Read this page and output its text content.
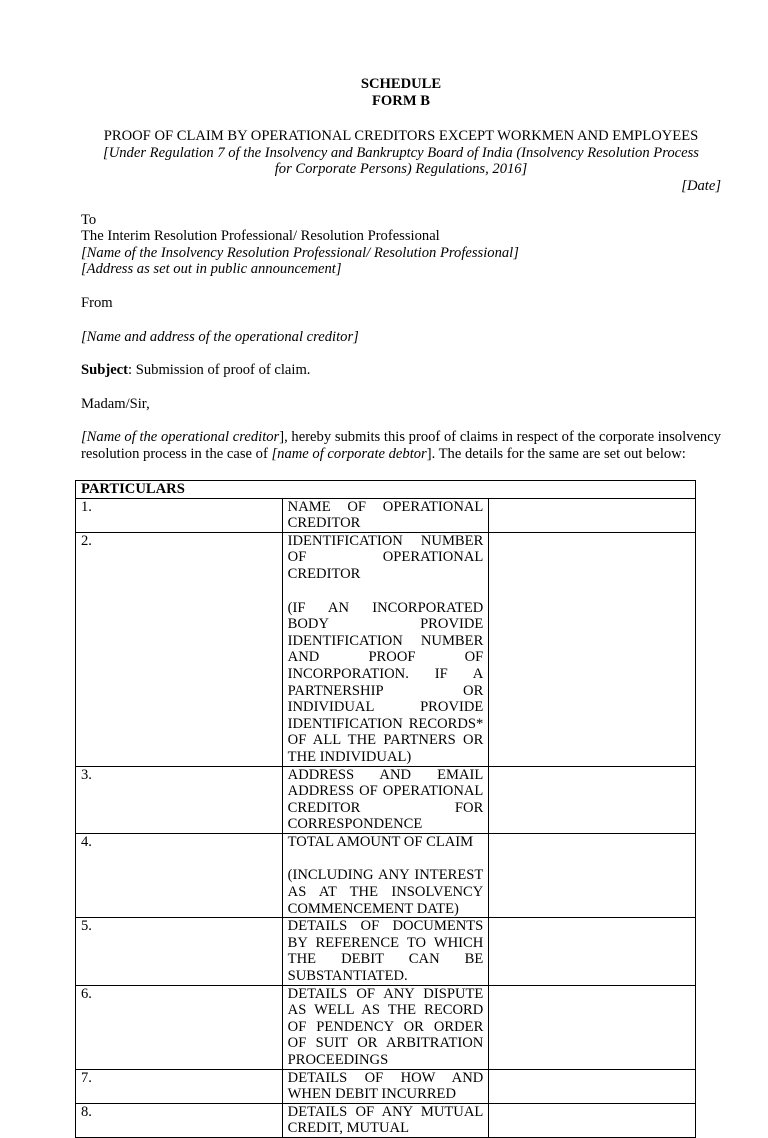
SCHEDULE

FORM B

PROOF OF CLAIM BY OPERATIONAL CREDITORS EXCEPT WORKMEN AND EMPLOYEES

[Under Regulation 7 of the Insolvency and Bankruptcy Board of India (Insolvency Resolution Process

for Corporate Persons) Regulations, 2016]

[Date]

To

The Interim Resolution Professional/ Resolution Professional

[Name of the Insolvency Resolution Professional/ Resolution Professional]

[Address as set out in public announcement]

From

[Name and address of the operational creditor]

Subject: Submission of proof of claim.

Madam/Sir,

[Name of the operational creditor], hereby submits this proof of claims in respect of the corporate insolvency resolution process in the case of [name of corporate debtor]. The details for the same are set out below:

PARTICULARS		
1.	NAME OF OPERATIONAL CREDITOR	

2.	IDENTIFICATION NUMBER OF OPERATIONAL CREDITOR
(IF AN INCORPORATED BODY PROVIDE IDENTIFICATION NUMBER AND PROOF OF INCORPORATION. IF A PARTNERSHIP OR INDIVIDUAL PROVIDE IDENTIFICATION RECORDS* OF ALL THE PARTNERS OR THE INDIVIDUAL)	

3.	ADDRESS AND EMAIL ADDRESS OF OPERATIONAL CREDITOR FOR CORRESPONDENCE	

4.	TOTAL AMOUNT OF CLAIM
(INCLUDING ANY INTEREST AS AT THE INSOLVENCY COMMENCEMENT DATE)	

5.	DETAILS OF DOCUMENTS BY REFERENCE TO WHICH THE DEBIT CAN BE SUBSTANTIATED.	

6.	DETAILS OF ANY DISPUTE AS WELL AS THE RECORD OF PENDENCY OR ORDER OF SUIT OR ARBITRATION PROCEEDINGS	

7.	DETAILS OF HOW AND WHEN DEBIT INCURRED	

8.	DETAILS OF ANY MUTUAL CREDIT, MUTUAL	
